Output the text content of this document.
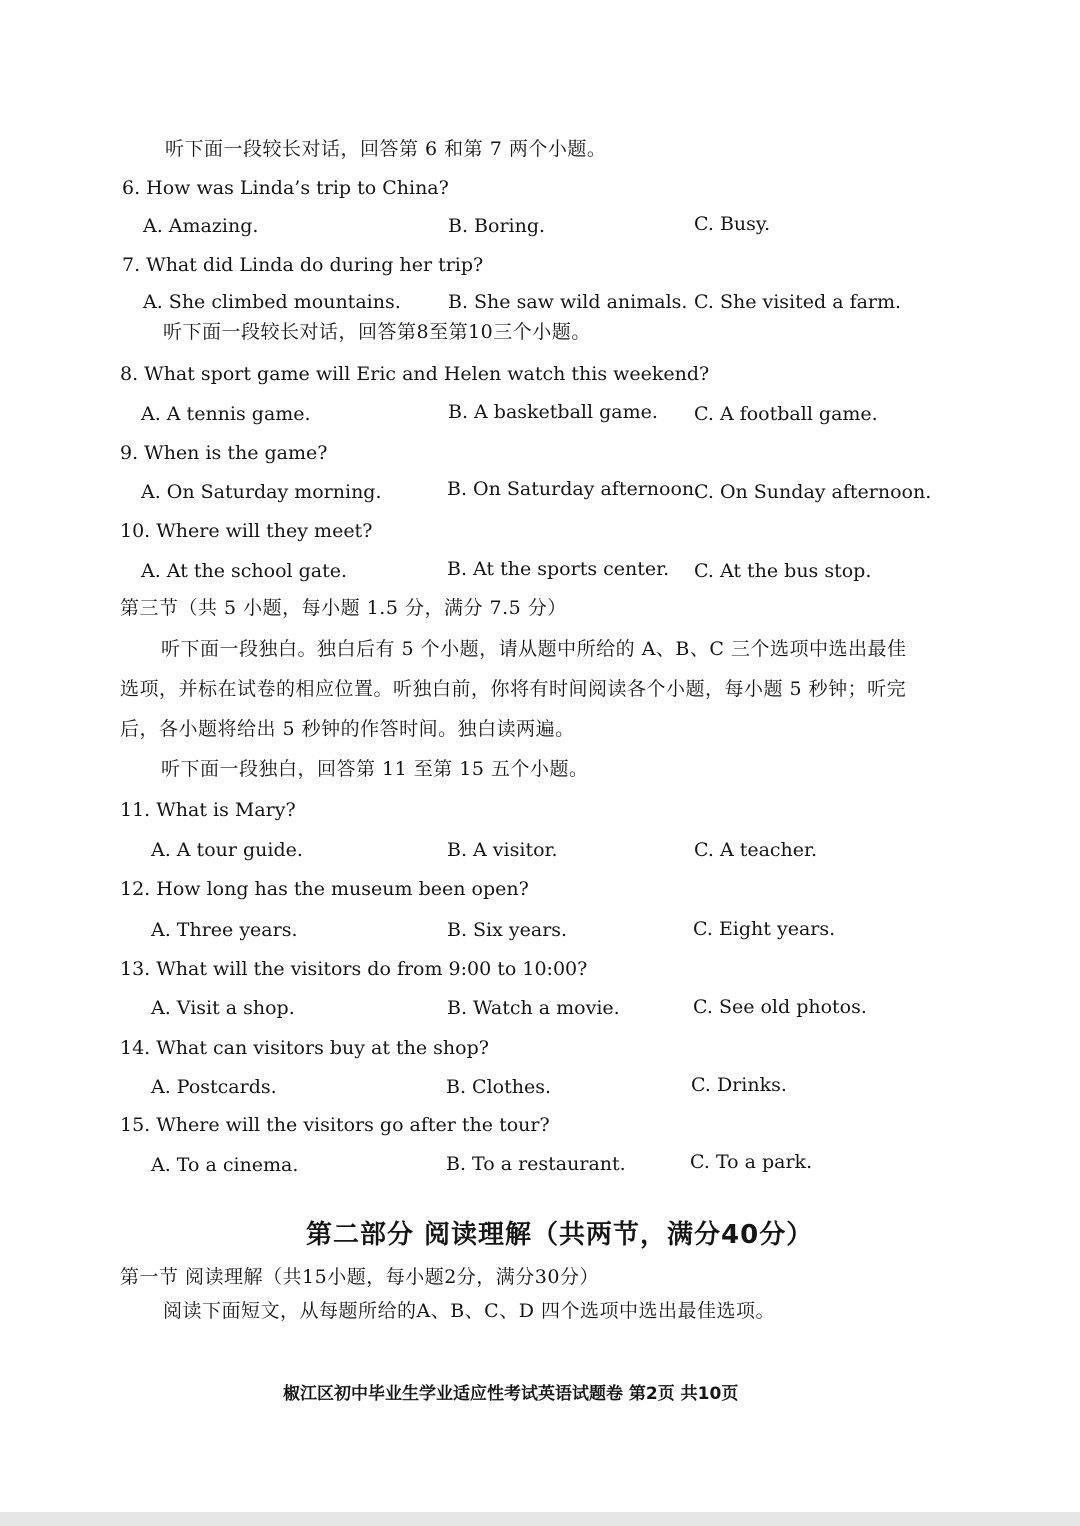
听下面一段较长对话，回答第 6 和第 7 两个小题。
6. How was Linda’s trip to China?
A. Amazing.	B. Boring.	C. Busy.
7. What did Linda do during her trip?
A. She climbed mountains. B. She saw wild animals. C. She visited a farm.
听下面一段较长对话，回答第8至第10三个小题。
8. What sport game will Eric and Helen watch this weekend?
A. A tennis game.	B. A basketball game. C. A football game.
9. When is the game?
A. On Saturday morning.	B. On Saturday afternoon.
C. On Sunday afternoon.
10. Where will they meet?
A. At the school gate.	B. At the sports center. C. At the bus stop.
第三节（共 5 小题，每小题 1.5 分，满分 7.5 分）
听下面一段独白。独白后有 5 个小题，请从题中所给的 A、B、C 三个选项中选出最佳
选项，并标在试卷的相应位置。听独白前，你将有时间阅读各个小题，每小题 5 秒钟；听完
后，各小题将给出 5 秒钟的作答时间。独白读两遍。
听下面一段独白，回答第 11 至第 15 五个小题。
11. What is Mary?
A. A tour guide.	B. A visitor.	C. A teacher.
12. How long has the museum been open?
A. Three years.	B. Six years.	C. Eight years.
13. What will the visitors do from 9:00 to 10:00?
A. Visit a shop.	B. Watch a movie.	C. See old photos.
14. What can visitors buy at the shop?
A. Postcards.	B. Clothes.	C. Drinks.
15. Where will the visitors go after the tour?
A. To a cinema.	B. To a restaurant.	C. To a park.
第二部分 阅读理解（共两节，满分40分）
第一节 阅读理解（共15小题，每小题2分，满分30分）
阅读下面短文，从每题所给的A、B、C、D 四个选项中选出最佳选项。
椒江区初中毕业生学业适应性考试英语试题卷 第2页 共10页
